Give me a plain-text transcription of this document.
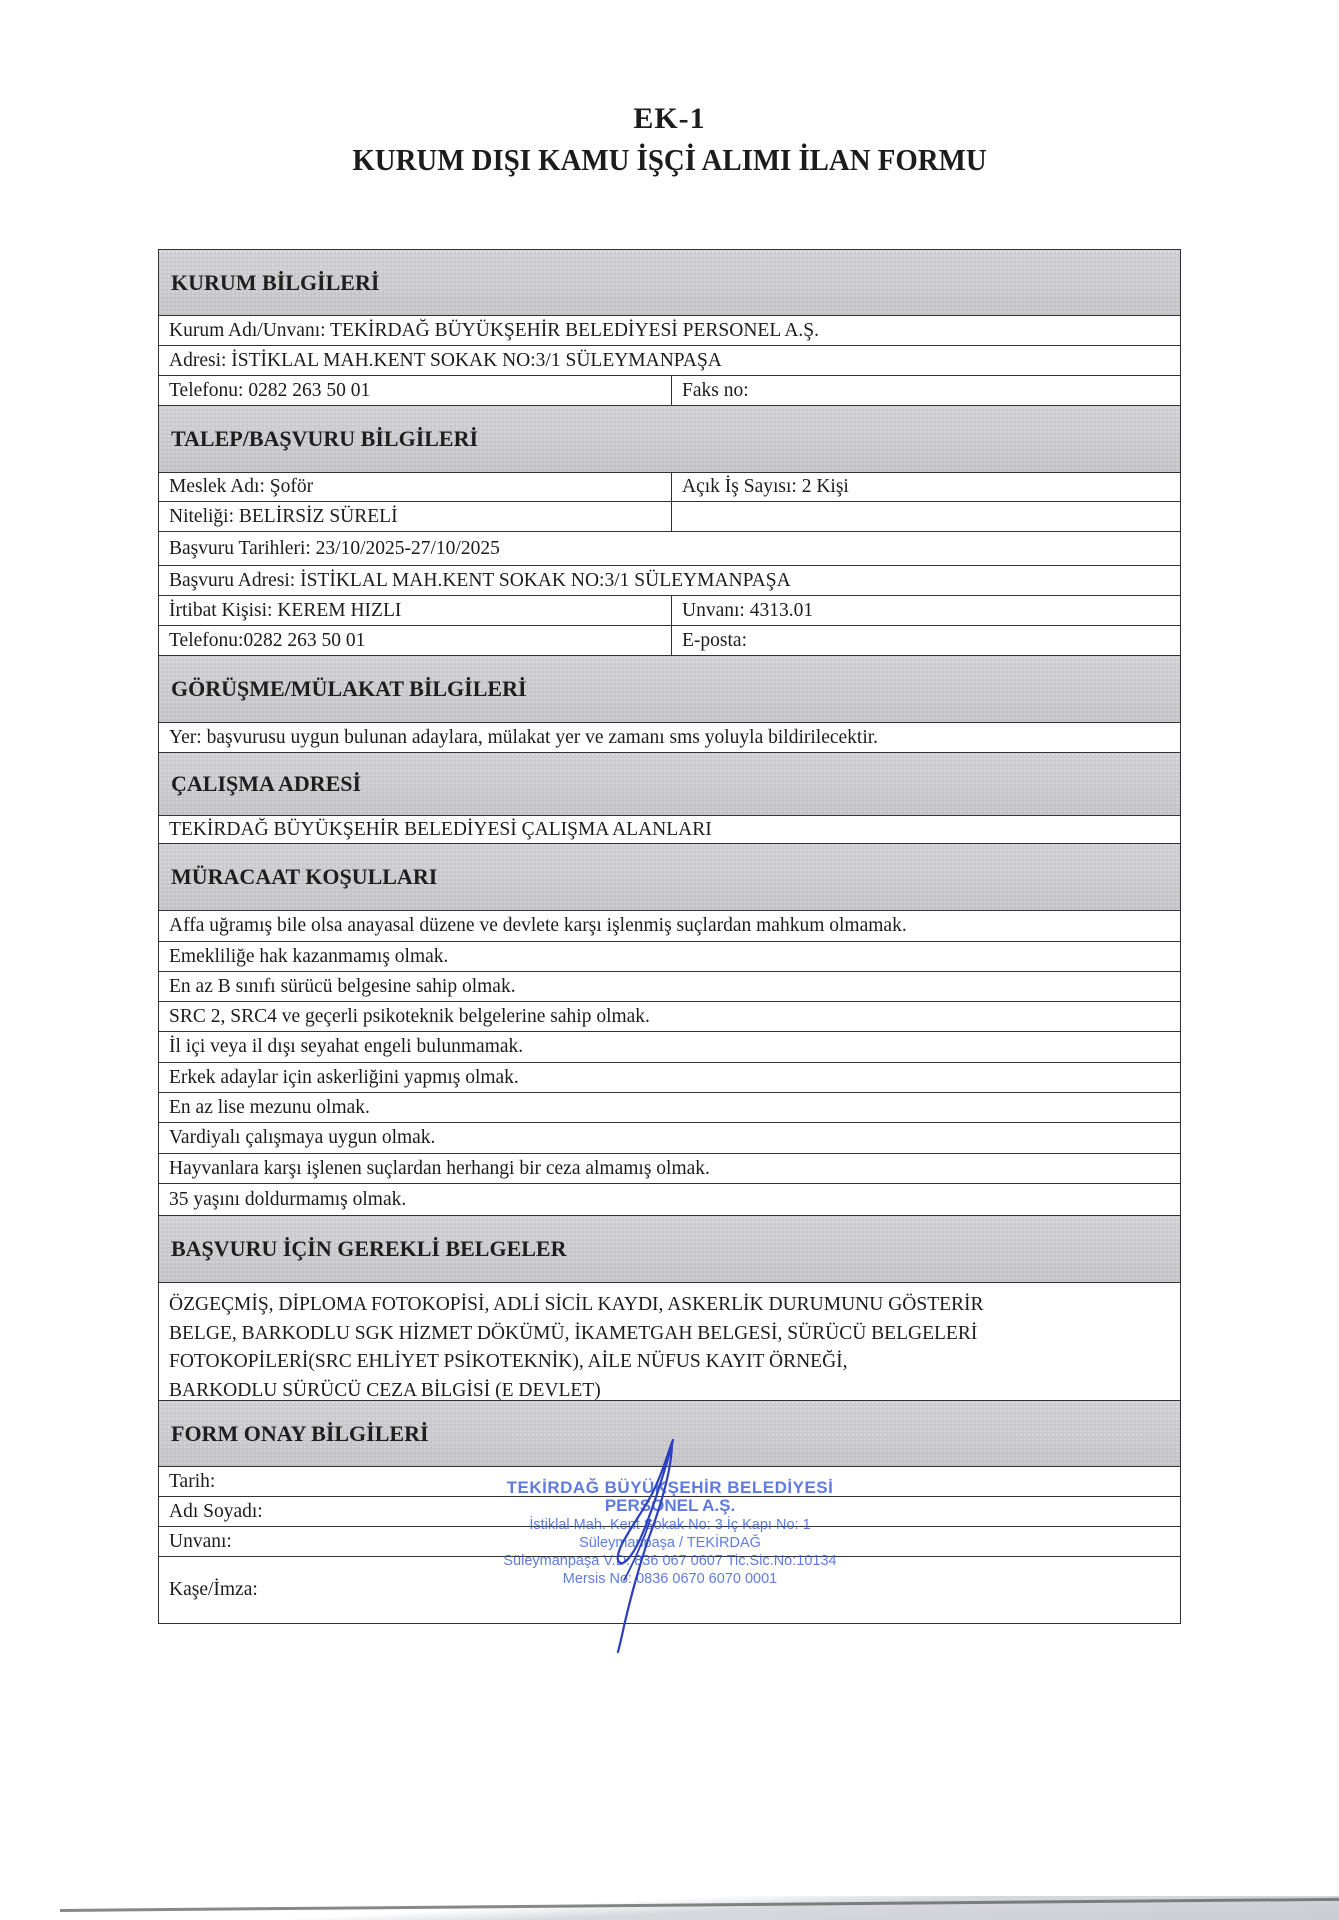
EK-1
KURUM DIŞI KAMU İŞÇİ ALIMI İLAN FORMU
KURUM BİLGİLERİ
Kurum Adı/Unvanı: TEKİRDAĞ BÜYÜKŞEHİR BELEDİYESİ PERSONEL A.Ş.
Adresi: İSTİKLAL MAH.KENT SOKAK NO:3/1 SÜLEYMANPAŞA
Telefonu: 0282 263 50 01	Faks no:
TALEP/BAŞVURU BİLGİLERİ
Meslek Adı: Şoför	Açık İş Sayısı: 2 Kişi
Niteliği: BELİRSİZ SÜRELİ
Başvuru Tarihleri: 23/10/2025-27/10/2025
Başvuru Adresi: İSTİKLAL MAH.KENT SOKAK NO:3/1 SÜLEYMANPAŞA
İrtibat Kişisi: KEREM HIZLI	Unvanı: 4313.01
Telefonu:0282 263 50 01	E-posta:
GÖRÜŞME/MÜLAKAT BİLGİLERİ
Yer: başvurusu uygun bulunan adaylara, mülakat yer ve zamanı sms yoluyla bildirilecektir.
ÇALIŞMA ADRESİ
TEKİRDAĞ BÜYÜKŞEHİR BELEDİYESİ ÇALIŞMA ALANLARI
MÜRACAAT KOŞULLARI
Affa uğramış bile olsa anayasal düzene ve devlete karşı işlenmiş suçlardan mahkum olmamak.
Emekliliğe hak kazanmamış olmak.
En az B sınıfı sürücü belgesine sahip olmak.
SRC 2, SRC4 ve geçerli psikoteknik belgelerine sahip olmak.
İl içi veya il dışı seyahat engeli bulunmamak.
Erkek adaylar için askerliğini yapmış olmak.
En az lise mezunu olmak.
Vardiyalı çalışmaya uygun olmak.
Hayvanlara karşı işlenen suçlardan herhangi bir ceza almamış olmak.
35 yaşını doldurmamış olmak.
BAŞVURU İÇİN GEREKLİ BELGELER
ÖZGEÇMİŞ, DİPLOMA FOTOKOPİSİ, ADLİ SİCİL KAYDI, ASKERLİK DURUMUNU GÖSTERİR
BELGE, BARKODLU SGK HİZMET DÖKÜMÜ, İKAMETGAH BELGESİ, SÜRÜCÜ BELGELERİ
FOTOKOPİLERİ(SRC EHLİYET PSİKOTEKNİK), AİLE NÜFUS KAYIT ÖRNEĞİ,
BARKODLU SÜRÜCÜ CEZA BİLGİSİ (E DEVLET)
FORM ONAY BİLGİLERİ
Tarih:
Adı Soyadı:
Unvanı:
Kaşe/İmza:
TEKİRDAĞ BÜYÜKŞEHİR BELEDİYESİ
PERSONEL A.Ş.
İstiklal Mah. Kent Sokak No: 3 İç Kapı No: 1
Süleymanpaşa / TEKİRDAĞ
Süleymanpaşa V.D. 836 067 0607 Tic.Sic.No:10134
Mersis No: 0836 0670 6070 0001
